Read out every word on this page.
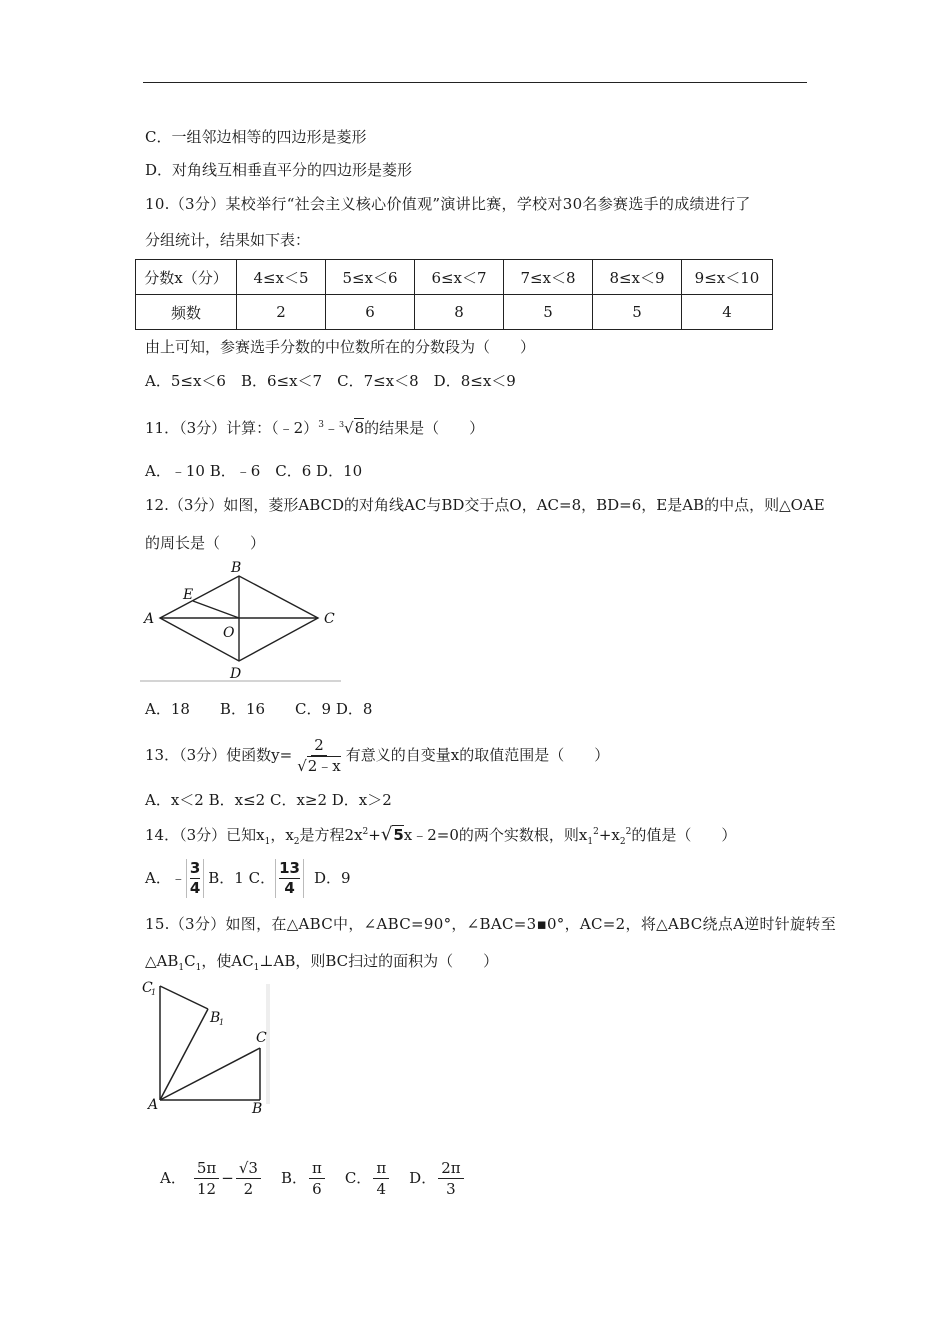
C．一组邻边相等的四边形是菱形
D．对角线互相垂直平分的四边形是菱形
10.（3分）某校举行“社会主义核心价值观”演讲比赛，学校对30名参赛选手的成绩进行了
分组统计，结果如下表：
分数x（分）	4≤x＜5	5≤x＜6	6≤x＜7	7≤x＜8	8≤x＜9	9≤x＜10
频数	2	6	8	5	5	4
由上可知，参赛选手分数的中位数所在的分数段为（　　）
A．5≤x＜6　B．6≤x＜7　C．7≤x＜8　D．8≤x＜9
11．（3分）计算：（﹣2）$^3$﹣$^3$√8的结果是（　　）
A．﹣10 B．﹣6　C．6 D．10
12.（3分）如图，菱形ABCD的对角线AC与BD交于点O，AC=8，BD=6，E是AB的中点，则△OAE
的周长是（　　）
B
E
A
O
C
D
A．18　　B．16　　C．9 D．8
13．（3分）使函数$y= \frac{2}{√2﹣x}$ 有意义的自变量x的取值范围是（　　）
A．x＜2 B．x≤2 C．x≥2 D．x＞2
14．（3分）已知$x_1$，$x_2$是方程$2x^2+√5x﹣2=0$的两个实数根，则$x_1^2+x_2^2$的值是（　　）
A．﹣ $\frac{3}{4}$ B．1 C． $\frac{13}{4}$ D．9
15.（3分）如图，在△ABC中，∠ABC=90°，∠BAC=3▪0°，AC=2，将△ABC绕点A逆时针旋转至
$\triangle AB_1C_1$，使$AC_1\perp AB$，则BC扫过的面积为（　　）
C
1
B
1
C
A	B
A． $\frac{5\pi}{12} - \frac{√3}{2}$ B． $\frac{\pi}{6}$ C． $\frac{\pi}{4}$ D． $\frac{2\pi}{3}$
